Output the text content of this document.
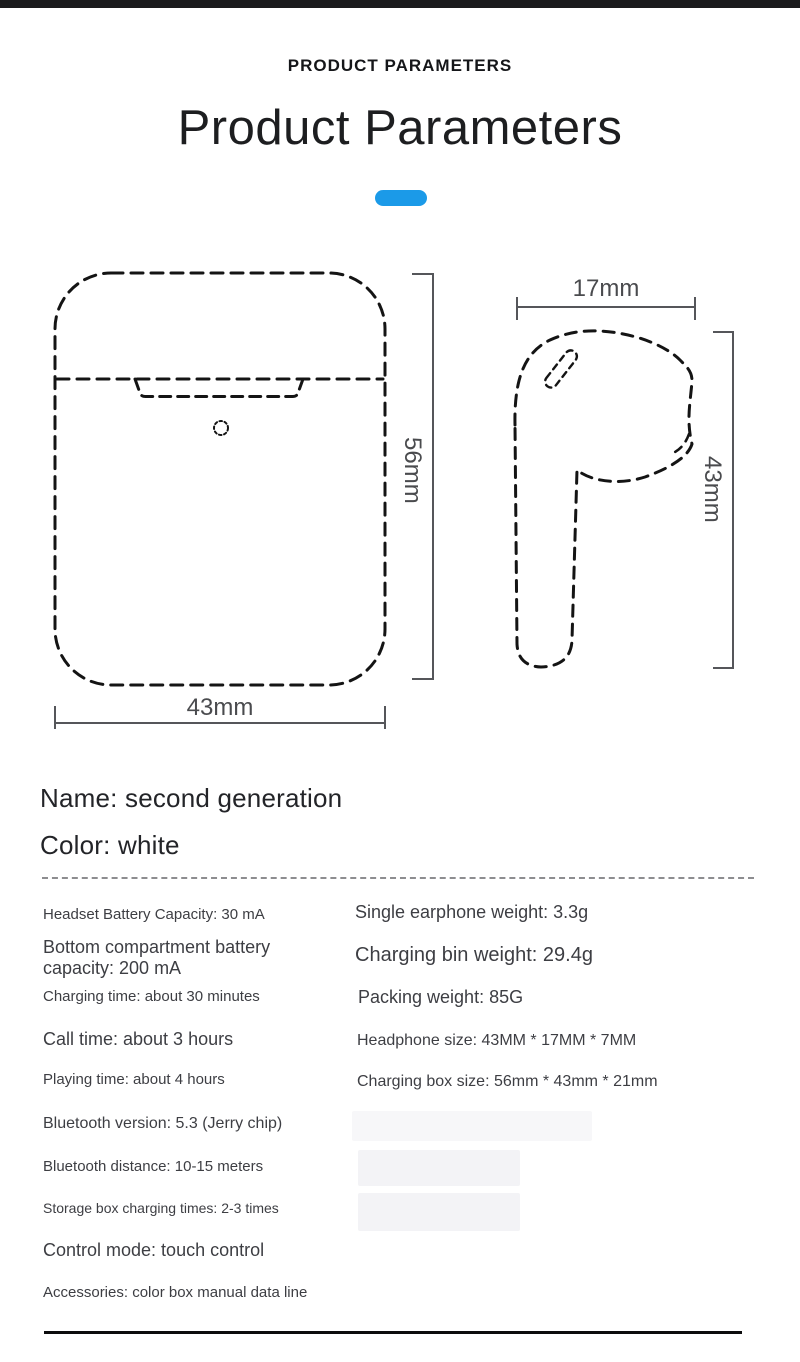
PRODUCT PARAMETERS
Product Parameters
43mm
56mm
17mm
43mm
Name: second generation
Color: white
Headset Battery Capacity: 30 mA
Bottom compartment battery capacity: 200 mA
Charging time: about 30 minutes
Call time: about 3 hours
Playing time: about 4 hours
Bluetooth version: 5.3 (Jerry chip)
Bluetooth distance: 10-15 meters
Storage box charging times: 2-3 times
Control mode: touch control
Accessories: color box manual data line
Single earphone weight: 3.3g
Charging bin weight: 29.4g
Packing weight: 85G
Headphone size: 43MM * 17MM * 7MM
Charging box size: 56mm * 43mm * 21mm
